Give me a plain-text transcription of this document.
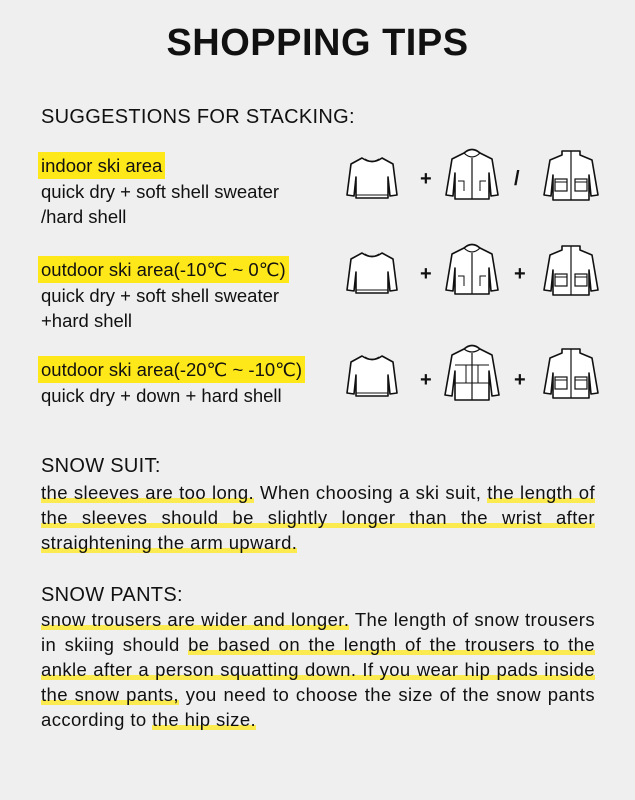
SHOPPING TIPS
SUGGESTIONS FOR STACKING:
indoor ski area
quick dry + soft shell sweater
/hard shell
+	/
outdoor ski area(-10℃ ~ 0℃)
quick dry + soft shell sweater
+hard shell
+	+
outdoor ski area(-20℃ ~ -10℃)
quick dry + down + hard shell
+	+
SNOW SUIT:
the sleeves are too long. When choosing a ski suit, the length of the sleeves should be slightly longer than the wrist after straightening the arm upward.
SNOW PANTS:
snow trousers are wider and longer. The length of snow trousers in skiing should be based on the length of the trousers to the ankle after a person squatting down. If you wear hip pads inside the snow pants, you need to choose the size of the snow pants according to the hip size.
